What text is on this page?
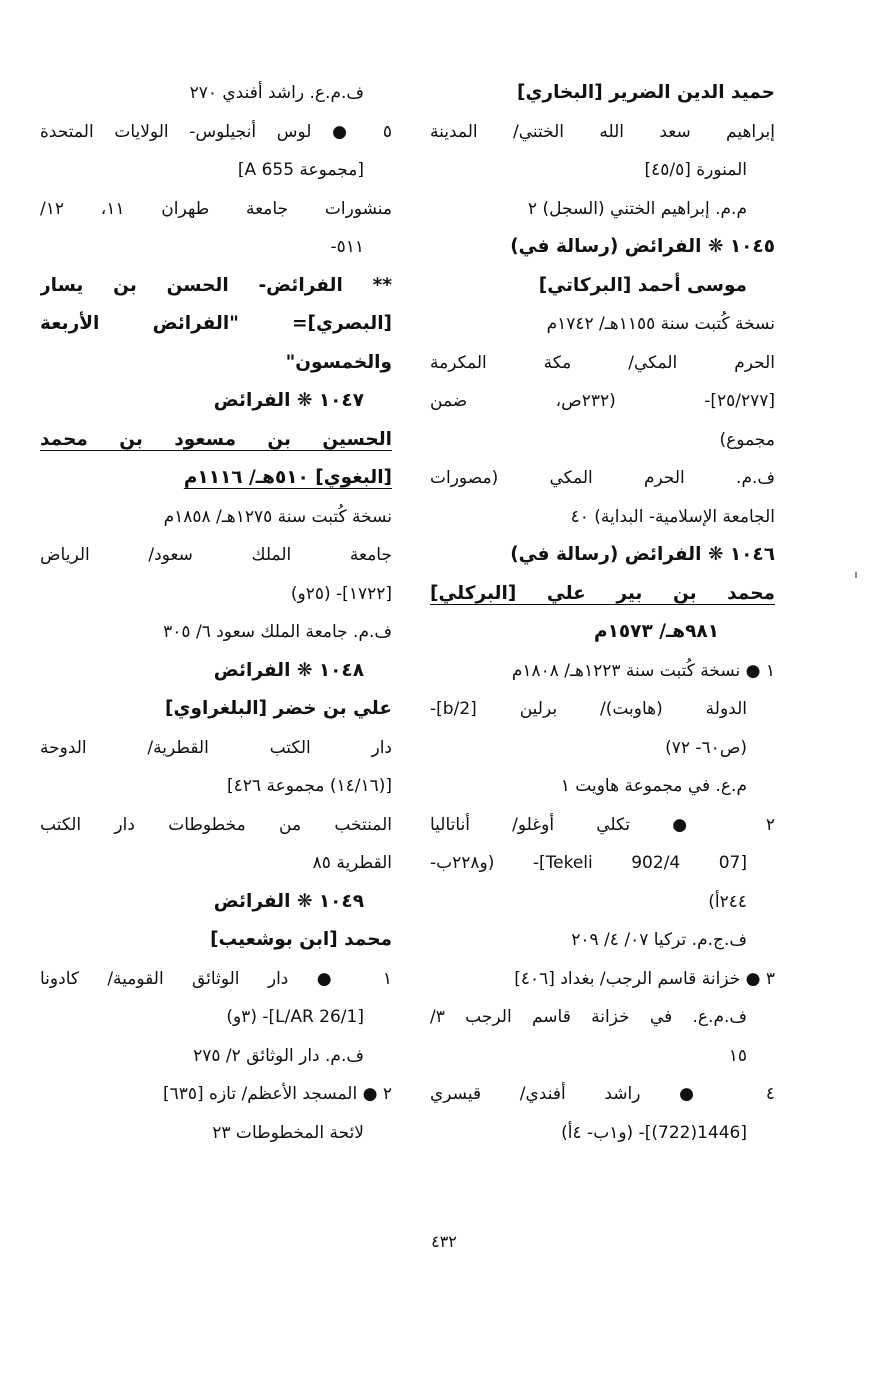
حميد الدين الضرير [البخاري]
إبراهيم سعد الله الختني/ المدينة
المنورة [٤٥/٥]
م.م. إبراهيم الختني (السجل) ٢
١٠٤٥ ❋ الفرائض (رسالة في)
موسى أحمد [البركاتي]
نسخة كُتبت سنة ١١٥٥هـ/ ١٧٤٢م
الحرم المكي/ مكة المكرمة
[٢٥/٢٧٧]- (٢٣٢ص، ضمن
مجموع)
ف.م. الحرم المكي (مصورات
الجامعة الإسلامية- البداية) ٤٠
١٠٤٦ ❋ الفرائض (رسالة في)
محمد بن بير علي [البركلي]
٩٨١هـ/ ١٥٧٣م
١ ● نسخة كُتبت سنة ١٢٢٣هـ/ ١٨٠٨م
الدولة (هاوبت)/ برلين [2/b]-
(ص٦٠- ٧٢)
م.ع. في مجموعة هاويت ١
٢ ● تكلي أوغلو/ أناتاليا
[07 Tekeli 902/4]- (و٢٢٨ب-
٢٤٤أ)
ف.ج.م. تركيا ٠٧/ ٤/ ٢٠٩
٣ ● خزانة قاسم الرجب/ بغداد [٤٠٦]
ف.م.ع. في خزانة قاسم الرجب ٣/
١٥
٤ ● راشد أفندي/ قيسري
[1446(722)]- (و١ب- ٤أ)
ف.م.ع. راشد أفندي ٢٧٠
٥ ● لوس أنجيلوس- الولايات المتحدة
[مجموعة A 655]
منشورات جامعة طهران ١١، ١٢/
٥١١-
** الفرائض- الحسن بن يسار
[البصري]= "الفرائض الأربعة
والخمسون"
١٠٤٧ ❋ الفرائض
الحسين بن مسعود بن محمد
[البغوي] ٥١٠هـ/ ١١١٦م
نسخة كُتبت سنة ١٢٧٥هـ/ ١٨٥٨م
جامعة الملك سعود/ الرياض
[١٧٢٢]- (٢٥و)
ف.م. جامعة الملك سعود ٦/ ٣٠٥
١٠٤٨ ❋ الفرائض
علي بن خضر [البلغراوي]
دار الكتب القطرية/ الدوحة
[(١٤/١٦) مجموعة ٤٢٦]
المنتخب من مخطوطات دار الكتب
القطرية ٨٥
١٠٤٩ ❋ الفرائض
محمد [ابن بوشعيب]
١ ● دار الوثائق القومية/ كادونا
[L/AR 26/1]- (٣و)
ف.م. دار الوثائق ٢/ ٢٧٥
٢ ● المسجد الأعظم/ تازه [٦٣٥]
لائحة المخطوطات ٢٣
٤٣٢
